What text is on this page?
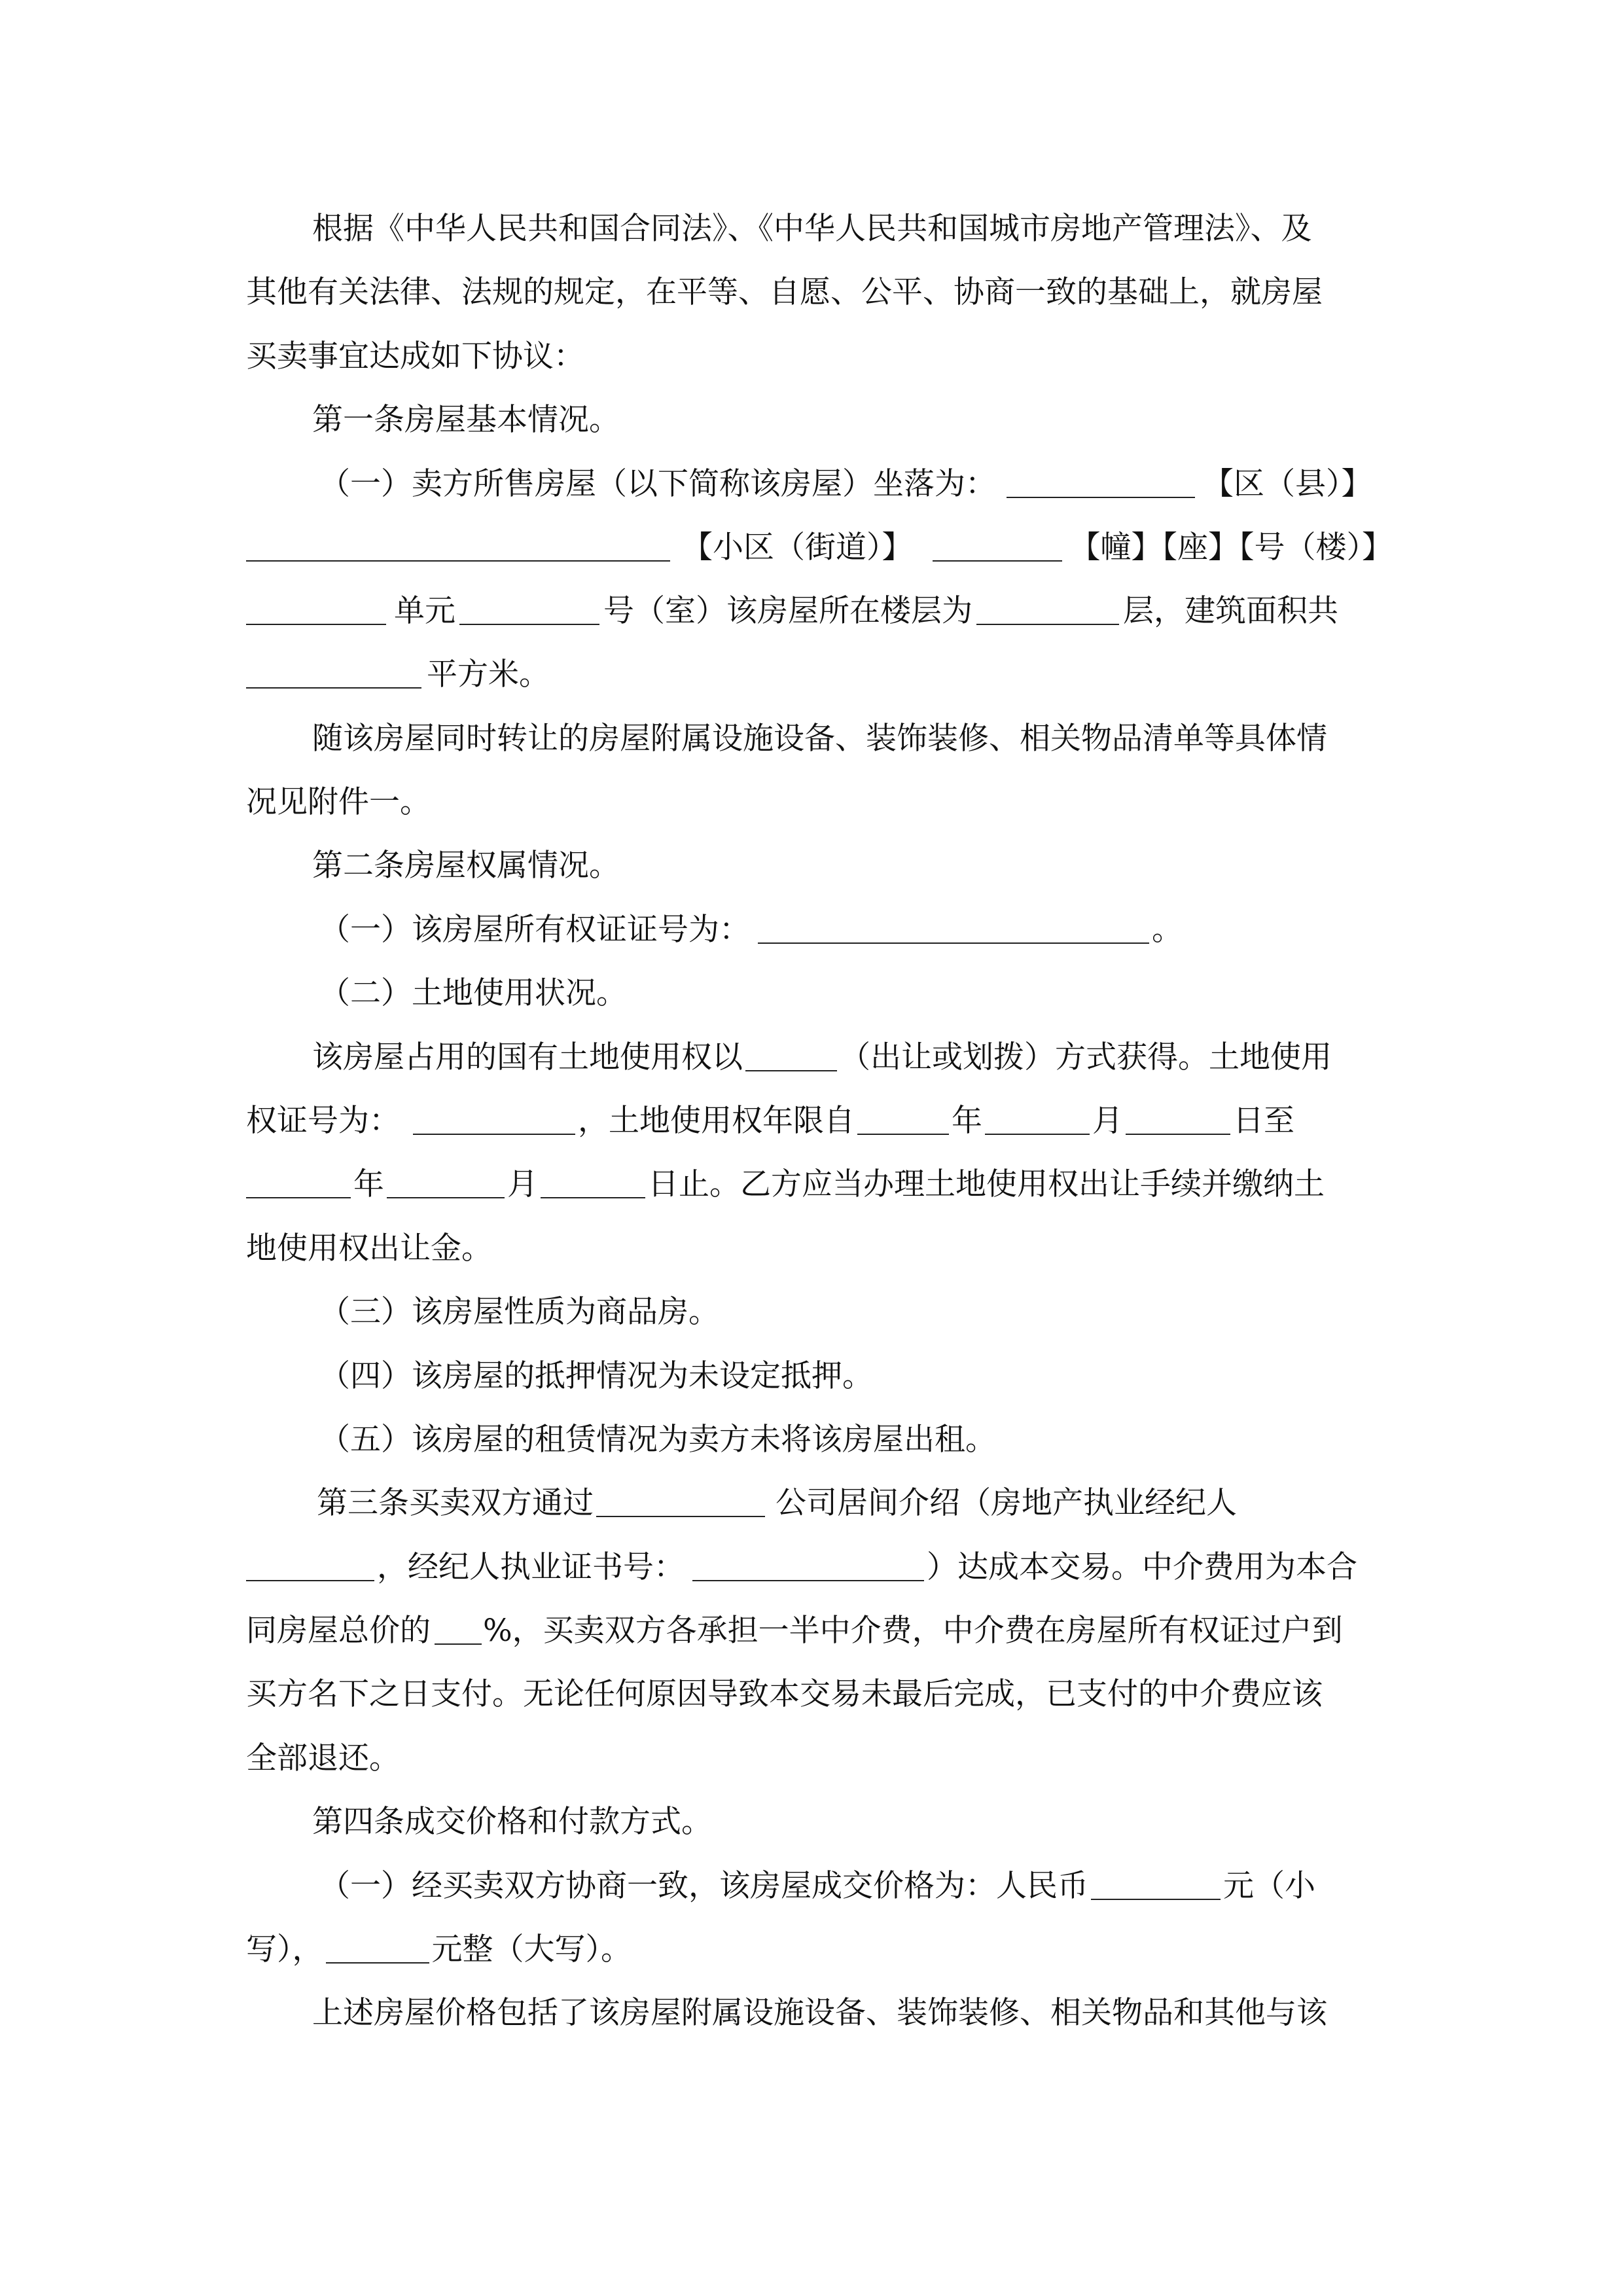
根据《中华人民共和国合同法》、《中华人民共和国城市房地产管理法》、及
其他有关法律、法规的规定，在平等、自愿、公平、协商一致的基础上，就房屋
买卖事宜达成如下协议：
第一条房屋基本情况。
（一）卖方所售房屋（以下简称该房屋）坐落为：	【区（县）】
【小区（街道）】	【幢】【座】【号（楼）】
单元	号（室）该房屋所在楼层为	层，建筑面积共
平方米。
随该房屋同时转让的房屋附属设施设备、装饰装修、相关物品清单等具体情
况见附件一。
第二条房屋权属情况。
（一）该房屋所有权证证号为：	。
（二）土地使用状况。
该房屋占用的国有土地使用权以	（出让或划拨）方式获得。土地使用
权证号为：	，土地使用权年限自	年	月	日至
年	月	日止。乙方应当办理土地使用权出让手续并缴纳土
地使用权出让金。
（三）该房屋性质为商品房。
（四）该房屋的抵押情况为未设定抵押。
（五）该房屋的租赁情况为卖方未将该房屋出租。
第三条买卖双方通过	公司居间介绍（房地产执业经纪人
，经纪人执业证书号：	）达成本交易。中介费用为本合
同房屋总价的 %，买卖双方各承担一半中介费，中介费在房屋所有权证过户到
买方名下之日支付。无论任何原因导致本交易未最后完成，已支付的中介费应该
全部退还。
第四条成交价格和付款方式。
（一）经买卖双方协商一致，该房屋成交价格为：人民币	元（小
写），	元整（大写）。
上述房屋价格包括了该房屋附属设施设备、装饰装修、相关物品和其他与该
